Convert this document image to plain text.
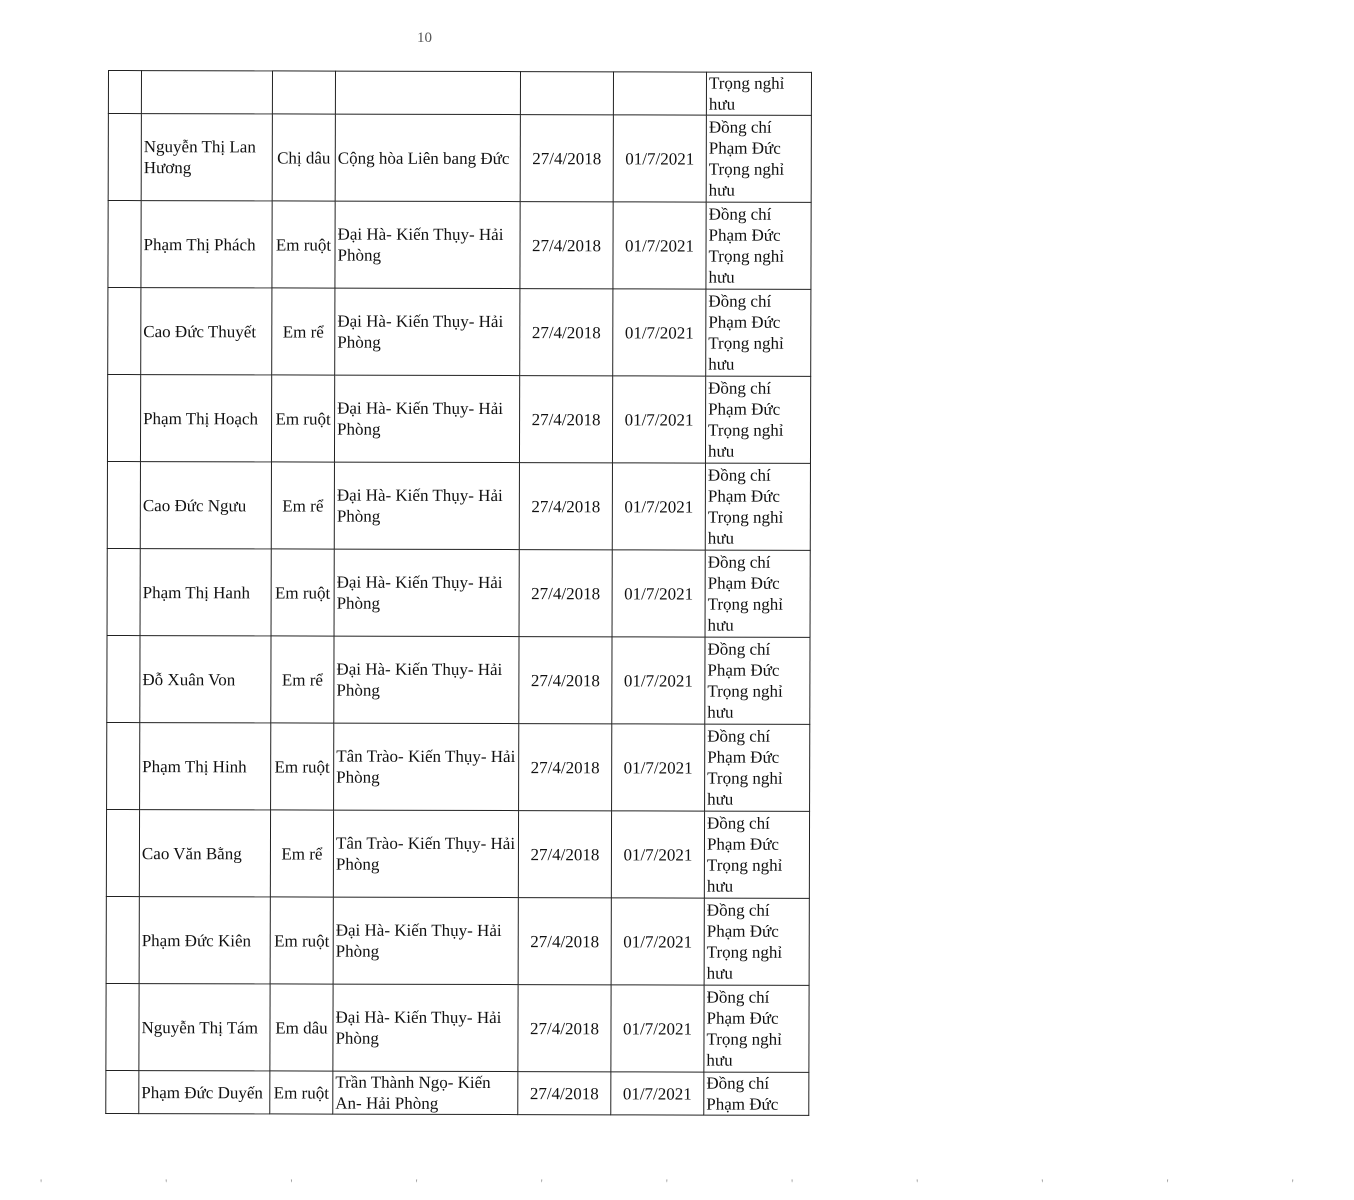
10

						Trọng nghỉ hưu

	Nguyễn Thị Lan Hương	Chị dâu	Cộng hòa Liên bang Đức	27/4/2018	01/7/2021	Đồng chí Phạm Đức Trọng nghỉ hưu
	Phạm Thị Phách	Em ruột	Đại Hà- Kiến Thụy- Hải Phòng	27/4/2018	01/7/2021	Đồng chí Phạm Đức Trọng nghỉ hưu
	Cao Đức Thuyết	Em rể	Đại Hà- Kiến Thụy- Hải Phòng	27/4/2018	01/7/2021	Đồng chí Phạm Đức Trọng nghỉ hưu
	Phạm Thị Hoạch	Em ruột	Đại Hà- Kiến Thụy- Hải Phòng	27/4/2018	01/7/2021	Đồng chí Phạm Đức Trọng nghỉ hưu
	Cao Đức Ngưu	Em rể	Đại Hà- Kiến Thụy- Hải Phòng	27/4/2018	01/7/2021	Đồng chí Phạm Đức Trọng nghỉ hưu
	Phạm Thị Hanh	Em ruột	Đại Hà- Kiến Thụy- Hải Phòng	27/4/2018	01/7/2021	Đồng chí Phạm Đức Trọng nghỉ hưu
	Đỗ Xuân Von	Em rể	Đại Hà- Kiến Thụy- Hải Phòng	27/4/2018	01/7/2021	Đồng chí Phạm Đức Trọng nghỉ hưu
	Phạm Thị Hinh	Em ruột	Tân Trào- Kiến Thụy- Hải Phòng	27/4/2018	01/7/2021	Đồng chí Phạm Đức Trọng nghỉ hưu
	Cao Văn Bằng	Em rể	Tân Trào- Kiến Thụy- Hải Phòng	27/4/2018	01/7/2021	Đồng chí Phạm Đức Trọng nghỉ hưu
	Phạm Đức Kiên	Em ruột	Đại Hà- Kiến Thụy- Hải Phòng	27/4/2018	01/7/2021	Đồng chí Phạm Đức Trọng nghỉ hưu
	Nguyễn Thị Tám	Em dâu	Đại Hà- Kiến Thụy- Hải Phòng	27/4/2018	01/7/2021	Đồng chí Phạm Đức Trọng nghỉ hưu
	Phạm Đức Duyến	Em ruột	Trần Thành Ngọ- Kiến An- Hải Phòng	27/4/2018	01/7/2021	Đồng chí Phạm Đức
' ' ' ' ' ' ' ' ' ' '
